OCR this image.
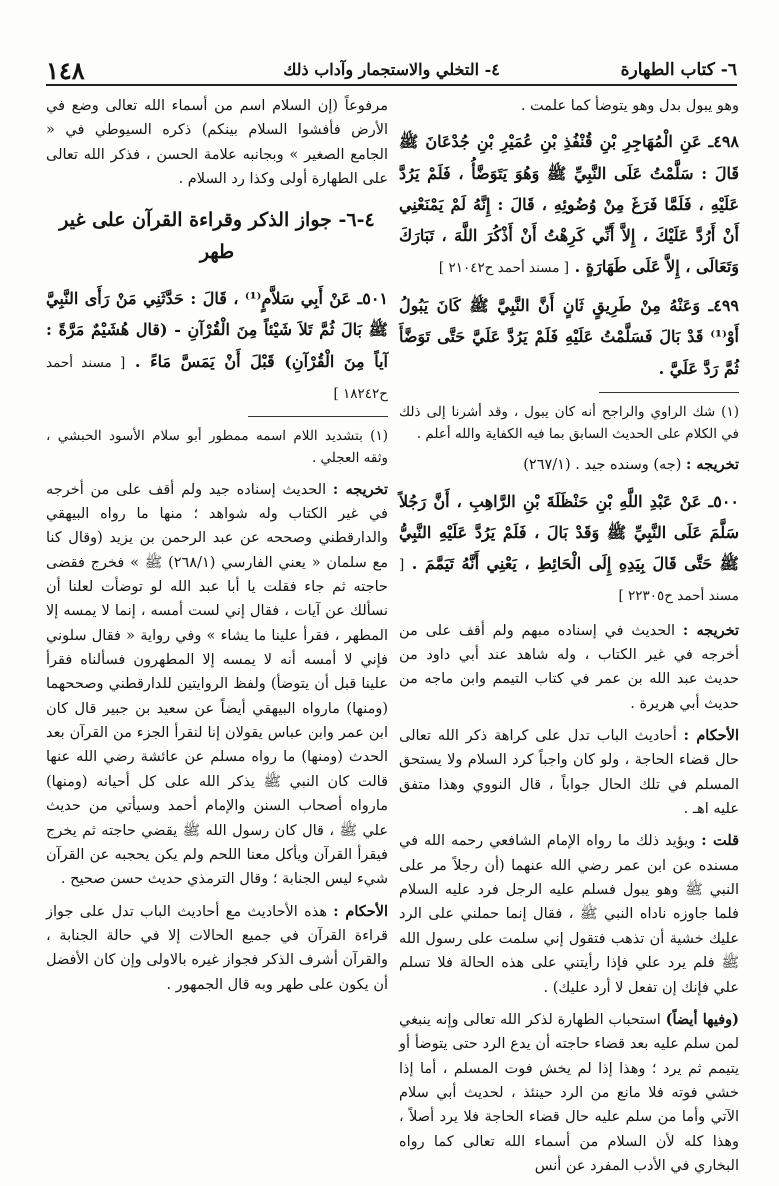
٦- كتاب الطهارة
٤- التخلي والاستجمار وآداب ذلك
١٤٨

وهو يبول بدل وهو يتوضأ كما علمت .

٤٩٨ـ عَنِ الْمُهَاجِرِ بْنِ قُنْفُذِ بْنِ عُمَيْرِ بْنِ جُدْعَانَ ﷺ قَالَ : سَلَّمْتُ عَلَى النَّبِيِّ ﷺ وَهُوَ يَتَوَضَّأُ ، فَلَمْ يَرُدَّ عَلَيْهِ ، فَلَمَّا فَرَغَ مِنْ وُضُوئِهِ ، قَالَ : إِنَّهُ لَمْ يَمْنَعْنِي أَنْ أَرُدَّ عَلَيْكَ ، إِلاَّ أَنِّي كَرِهْتُ أَنْ أَذْكُرَ اللَّهَ ، تَبَارَكَ وَتَعَالَى ، إِلاَّ عَلَى طَهَارَةٍ . [ مسند أحمد ح٢١٠٤٢ ]
٤٩٩ـ وَعَنْهُ مِنْ طَرِيقٍ ثَانٍ أَنَّ النَّبِيَّ ﷺ كَانَ يَبُولُ أَوْ⁽¹⁾ قَدْ بَالَ فَسَلَّمْتُ عَلَيْهِ فَلَمْ يَرُدَّ عَلَيَّ حَتَّى تَوَضَّأَ ثُمَّ رَدَّ عَلَيَّ .

(١) شك الراوي والراجح أنه كان يبول ، وقد أشرنا إلى ذلك في الكلام على الحديث السابق بما فيه الكفاية والله أعلم .

تخريجه : (جه) وسنده جيد . (٢٦٧/١)

٥٠٠ـ عَنْ عَبْدِ اللَّهِ بْنِ حَنْظَلَةَ بْنِ الرَّاهِبِ ، أَنَّ رَجُلاً سَلَّمَ عَلَى النَّبِيِّ ﷺ وَقَدْ بَالَ ، فَلَمْ يَرُدَّ عَلَيْهِ النَّبِيُّ ﷺ حَتَّى قَالَ بِيَدِهِ إِلَى الْحَائِطِ ، يَعْنِي أَنَّهُ تَيَمَّمَ . [ مسند أحمد ح٢٢٣٠٥ ]

تخريجه : الحديث في إسناده مبهم ولم أقف على من أخرجه في غير الكتاب ، وله شاهد عند أبي داود من حديث عبد الله بن عمر في كتاب التيمم وابن ماجه من حديث أبي هريرة .

الأحكام : أحاديث الباب تدل على كراهة ذكر الله تعالى حال قضاء الحاجة ، ولو كان واجباً كرد السلام ولا يستحق المسلم في تلك الحال جواباً ، قال النووي وهذا متفق عليه اهـ .

قلت : ويؤيد ذلك ما رواه الإمام الشافعي رحمه الله في مسنده عن ابن عمر رضي الله عنهما (أن رجلاً مر على النبي ﷺ وهو يبول فسلم عليه الرجل فرد عليه السلام فلما جاوزه ناداه النبي ﷺ ، فقال إنما حملني على الرد عليك خشية أن تذهب فتقول إني سلمت على رسول الله ﷺ فلم يرد علي فإذا رأيتني على هذه الحالة فلا تسلم علي فإنك إن تفعل لا أرد عليك) .

(وفيها أيضاً) استحباب الطهارة لذكر الله تعالى وإنه ينبغي لمن سلم عليه بعد قضاء حاجته أن يدع الرد حتى يتوضأ أو يتيمم ثم يرد ؛ وهذا إذا لم يخش فوت المسلم ، أما إذا خشي فوته فلا مانع من الرد حينئذ ، لحديث أبي سلام الآتي وأما من سلم عليه حال قضاء الحاجة فلا يرد أصلاً ، وهذا كله لأن السلام من أسماء الله تعالى كما رواه البخاري في الأدب المفرد عن أنس

مرفوعاً (إن السلام اسم من أسماء الله تعالى وضع في الأرض فأفشوا السلام بينكم) ذكره السيوطي في « الجامع الصغير » وبجانبه علامة الحسن ، فذكر الله تعالى على الطهارة أولى وكذا رد السلام .

٤-٦- جواز الذكر وقراءة القرآن على غير طهر
٥٠١ـ عَنْ أَبِي سَلاَّمٍ⁽¹⁾ ، قَالَ : حَدَّثَنِي مَنْ رَأَى النَّبِيَّ ﷺ بَالَ ثُمَّ تَلاَ شَيْئاً مِنَ الْقُرْآنِ - (قال هُشَيْمٌ مَرَّةً : آياً مِنَ الْقُرْآنِ) قَبْلَ أَنْ يَمَسَّ مَاءً . [ مسند أحمد ح١٨٢٤٢ ]

(١) بتشديد اللام اسمه ممطور أبو سلام الأسود الحبشي ، وثقه العجلي .

تخريجه : الحديث إسناده جيد ولم أقف على من أخرجه في غير الكتاب وله شواهد ؛ منها ما رواه البيهقي والدارقطني وصححه عن عبد الرحمن بن يزيد (وقال كنا مع سلمان « يعني الفارسي (٢٦٨/١) ﷺ » فخرج فقضى حاجته ثم جاء فقلت يا أبا عبد الله لو توضأت لعلنا أن نسألك عن آيات ، فقال إني لست أمسه ، إنما لا يمسه إلا المطهر ، فقرأ علينا ما يشاء » وفي رواية « فقال سلوني فإني لا أمسه أنه لا يمسه إلا المطهرون فسألناه فقرأ علينا قبل أن يتوضأ) ولفظ الروايتين للدارقطني وصححهما (ومنها) مارواه البيهقي أيضاً عن سعيد بن جبير قال كان ابن عمر وابن عباس يقولان إنا لنقرأ الجزء من القرآن بعد الحدث (ومنها) ما رواه مسلم عن عائشة رضي الله عنها قالت كان النبي ﷺ يذكر الله على كل أحيانه (ومنها) مارواه أصحاب السنن والإمام أحمد وسيأتي من حديث علي ﷺ ، قال كان رسول الله ﷺ يقضي حاجته ثم يخرج فيقرأ القرآن ويأكل معنا اللحم ولم يكن يحجبه عن القرآن شيء ليس الجنابة ؛ وقال الترمذي حديث حسن صحيح .

الأحكام : هذه الأحاديث مع أحاديث الباب تدل على جواز قراءة القرآن في جميع الحالات إلا في حالة الجنابة ، والقرآن أشرف الذكر فجواز غيره بالاولى وإن كان الأفضل أن يكون على طهر وبه قال الجمهور .
